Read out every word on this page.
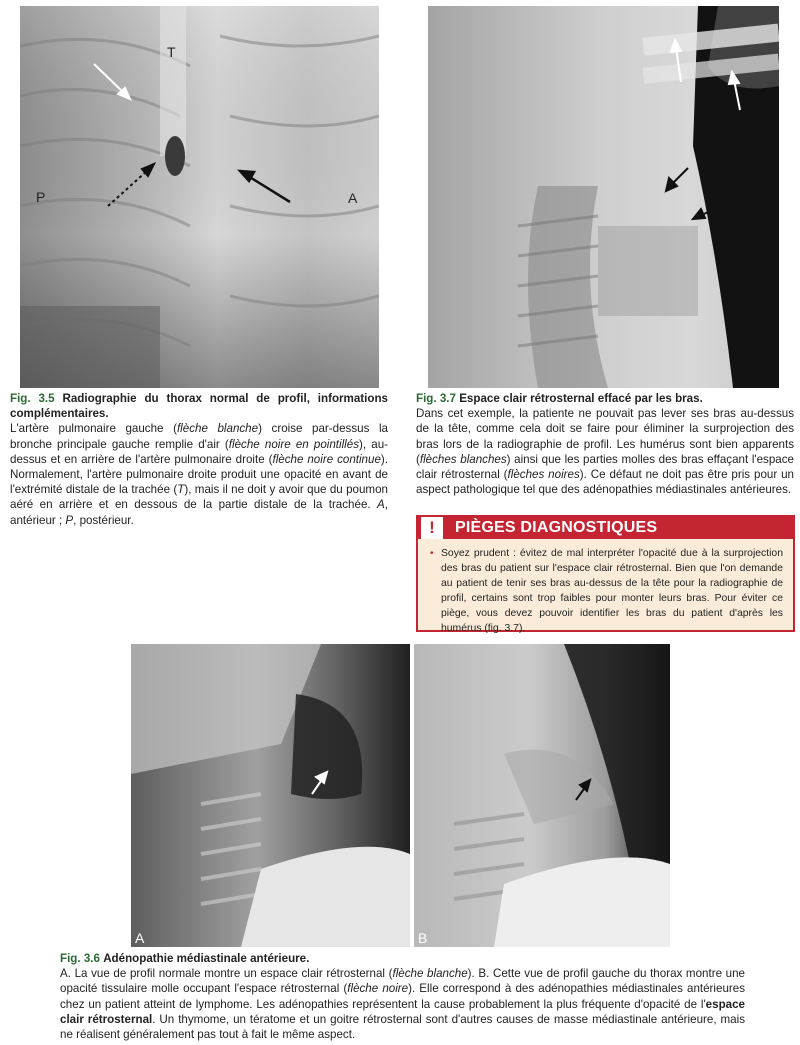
T
P	A

Fig. 3.5 Radiographie du thorax normal de profil, informations complémentaires.

L'artère pulmonaire gauche (flèche blanche) croise par-dessus la bronche principale gauche remplie d'air (flèche noire en pointillés), au-dessus et en arrière de l'artère pulmonaire droite (flèche noire continue). Normalement, l'artère pulmonaire droite produit une opacité en avant de l'extrémité distale de la trachée (T), mais il ne doit y avoir que du poumon aéré en arrière et en dessous de la partie distale de la trachée. A, antérieur ; P, postérieur.

Fig. 3.7 Espace clair rétrosternal effacé par les bras.

Dans cet exemple, la patiente ne pouvait pas lever ses bras au-dessus de la tête, comme cela doit se faire pour éliminer la surprojection des bras lors de la radiographie de profil. Les humérus sont bien apparents (flèches blanches) ainsi que les parties molles des bras effaçant l'espace clair rétrosternal (flèches noires). Ce défaut ne doit pas être pris pour un aspect pathologique tel que des adénopathies médiastinales antérieures.

!	PIÈGES DIAGNOSTIQUES
• Soyez prudent : évitez de mal interpréter l'opacité due à la surprojection des bras du patient sur l'espace clair rétrosternal. Bien que l'on demande au patient de tenir ses bras au-dessus de la tête pour la radiographie de profil, certains sont trop faibles pour monter leurs bras. Pour éviter ce piège, vous devez pouvoir identifier les bras du patient d'après les humérus (fig. 3.7).

A	B

Fig. 3.6 Adénopathie médiastinale antérieure.

A. La vue de profil normale montre un espace clair rétrosternal (flèche blanche). B. Cette vue de profil gauche du thorax montre une opacité tissulaire molle occupant l'espace rétrosternal (flèche noire). Elle correspond à des adénopathies médiastinales antérieures chez un patient atteint de lymphome. Les adénopathies représentent la cause probablement la plus fréquente d'opacité de l'espace clair rétrosternal. Un thymome, un tératome et un goitre rétrosternal sont d'autres causes de masse médiastinale antérieure, mais ne réalisent généralement pas tout à fait le même aspect.
